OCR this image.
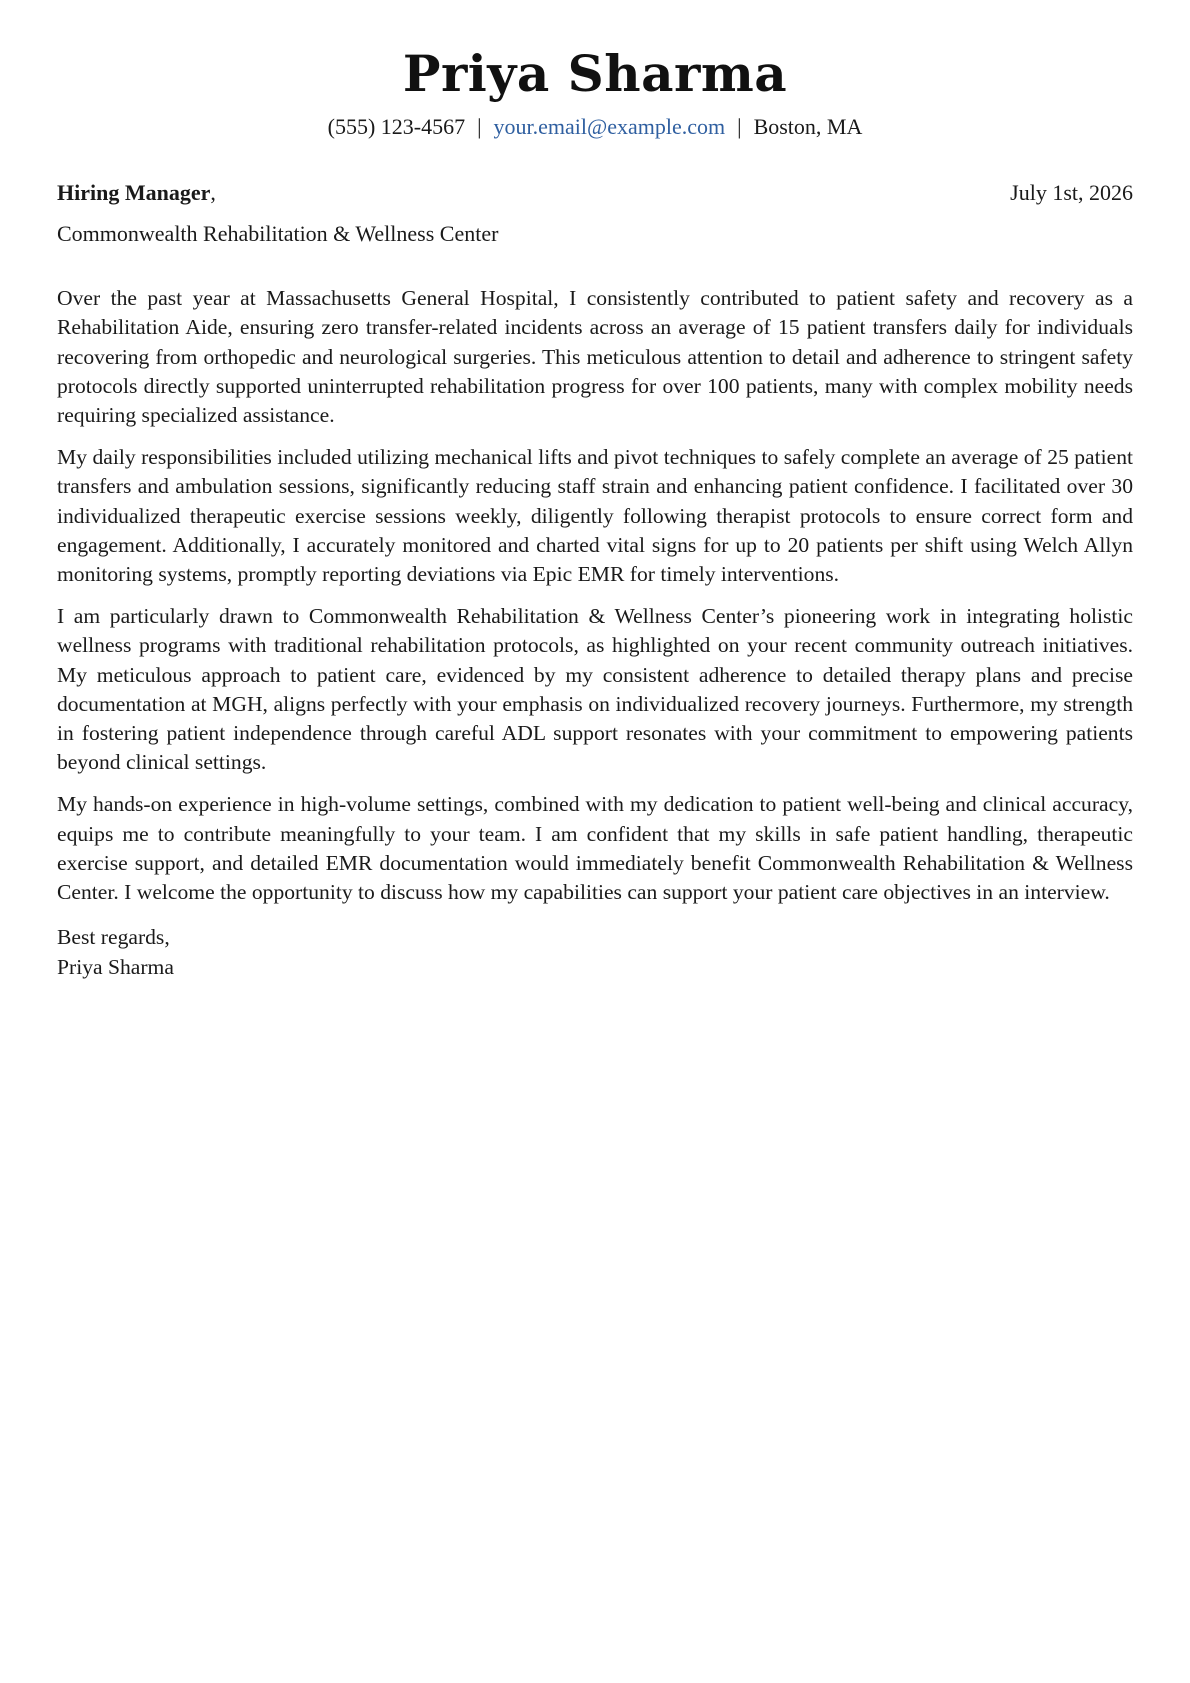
Priya Sharma
(555) 123-4567 | your.email@example.com | Boston, MA
Hiring Manager,	July 1st, 2026
Commonwealth Rehabilitation & Wellness Center

Over the past year at Massachusetts General Hospital, I consistently contributed to patient safety and recovery as a Rehabilitation Aide, ensuring zero transfer-related incidents across an average of 15 patient transfers daily for individuals recovering from orthopedic and neurological surgeries. This meticulous attention to detail and adherence to stringent safety protocols directly supported uninterrupted rehabilitation progress for over 100 patients, many with complex mobility needs requiring specialized assistance.

My daily responsibilities included utilizing mechanical lifts and pivot techniques to safely complete an average of 25 patient transfers and ambulation sessions, significantly reducing staff strain and enhancing patient confidence. I facilitated over 30 individualized therapeutic exercise sessions weekly, diligently following therapist protocols to ensure correct form and engagement. Additionally, I accurately monitored and charted vital signs for up to 20 patients per shift using Welch Allyn monitoring systems, promptly reporting deviations via Epic EMR for timely interventions.

I am particularly drawn to Commonwealth Rehabilitation & Wellness Center’s pioneering work in integrating holistic wellness programs with traditional rehabilitation protocols, as highlighted on your recent community outreach initiatives. My meticulous approach to patient care, evidenced by my consistent adherence to detailed therapy plans and precise documentation at MGH, aligns perfectly with your emphasis on individualized recovery journeys. Furthermore, my strength in fostering patient independence through careful ADL support resonates with your commitment to empowering patients beyond clinical settings.

My hands-on experience in high-volume settings, combined with my dedication to patient well-being and clinical accuracy, equips me to contribute meaningfully to your team. I am confident that my skills in safe patient handling, therapeutic exercise support, and detailed EMR documentation would immediately benefit Commonwealth Rehabilitation & Wellness Center. I welcome the opportunity to discuss how my capabilities can support your patient care objectives in an interview.

Best regards,
Priya Sharma
